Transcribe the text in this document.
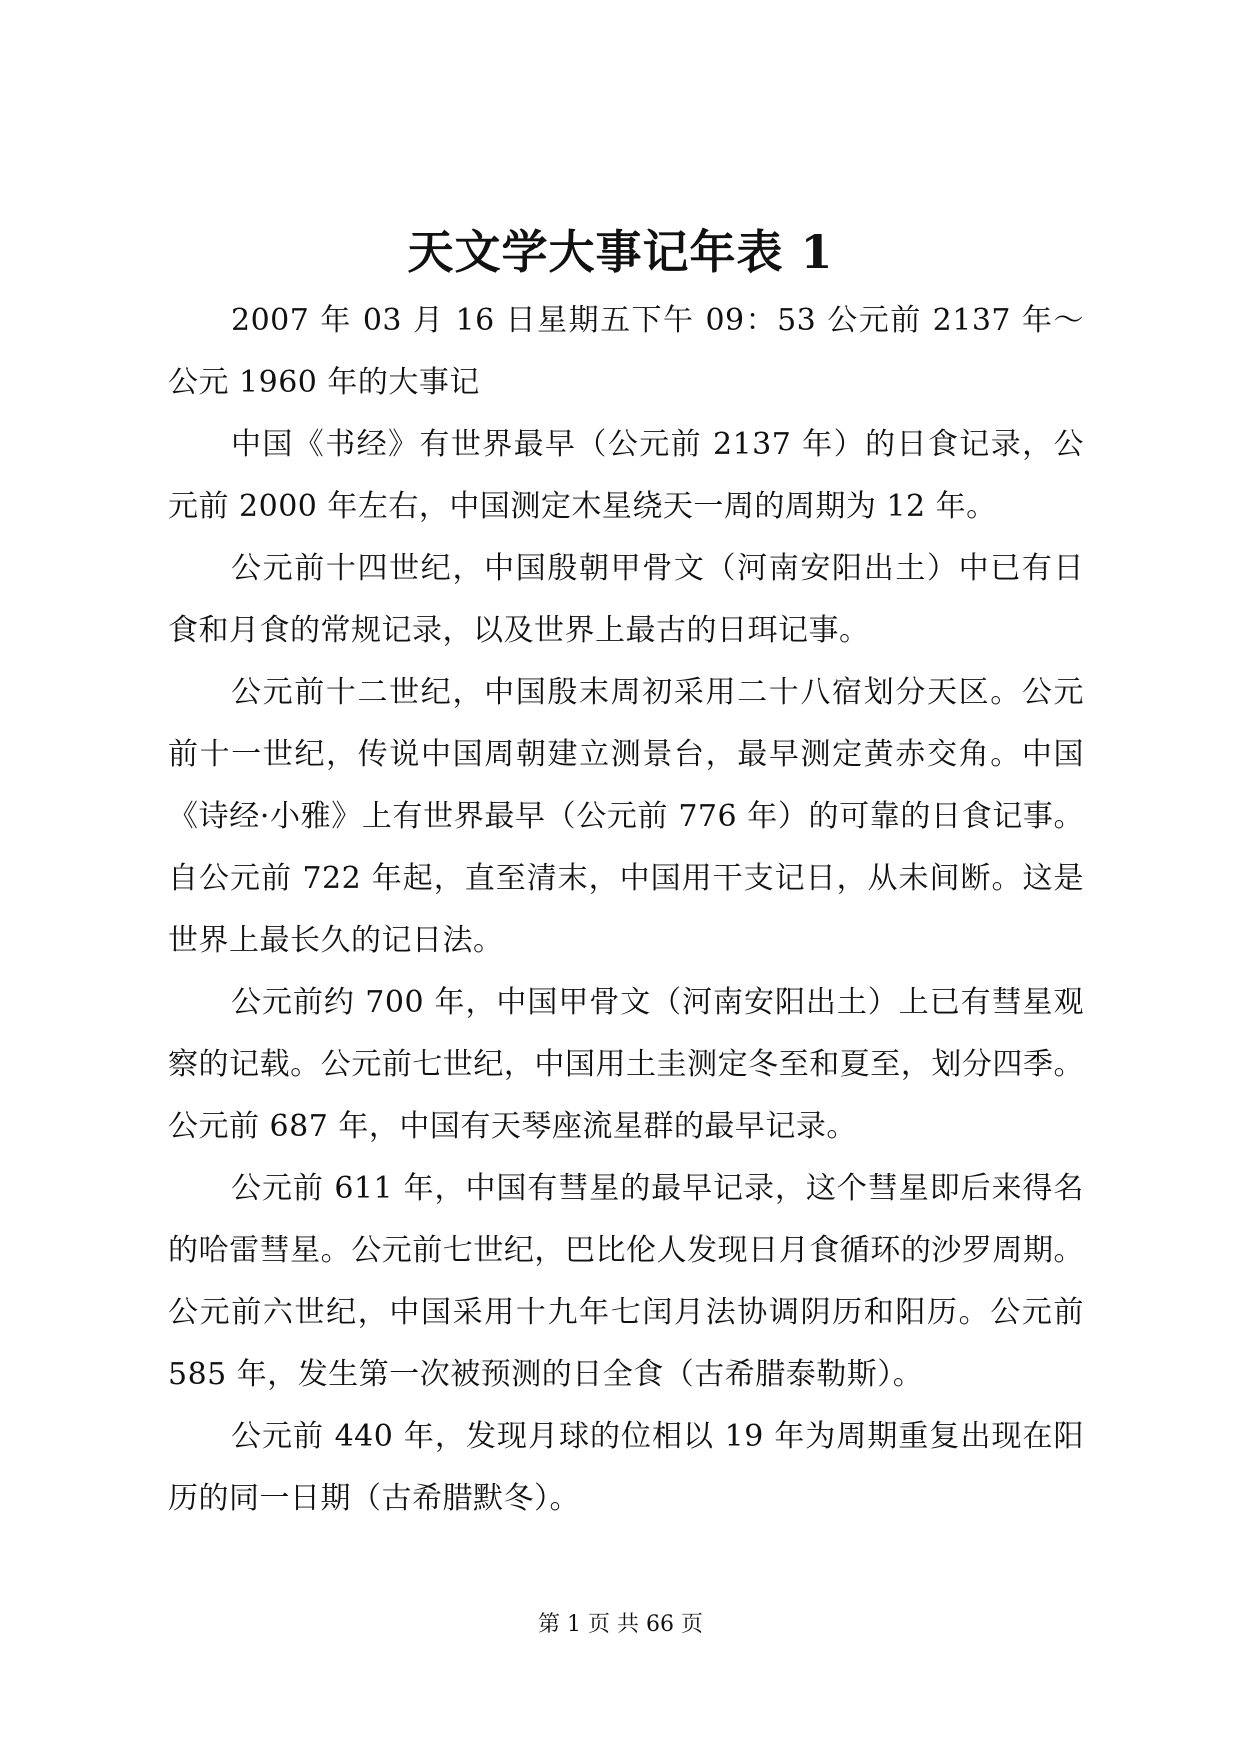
天文学大事记年表 1

2007 年 03 月 16 日星期五下午 09：53 公元前 2137 年～公元 1960 年的大事记

中国《书经》有世界最早（公元前 2137 年）的日食记录，公元前 2000 年左右，中国测定木星绕天一周的周期为 12 年。

公元前十四世纪，中国殷朝甲骨文（河南安阳出土）中已有日食和月食的常规记录，以及世界上最古的日珥记事。

公元前十二世纪，中国殷末周初采用二十八宿划分天区。公元前十一世纪，传说中国周朝建立测景台，最早测定黄赤交角。中国《诗经·小雅》上有世界最早（公元前 776 年）的可靠的日食记事。自公元前 722 年起，直至清末，中国用干支记日，从未间断。这是世界上最长久的记日法。

公元前约 700 年，中国甲骨文（河南安阳出土）上已有彗星观察的记载。公元前七世纪，中国用土圭测定冬至和夏至，划分四季。公元前 687 年，中国有天琴座流星群的最早记录。

公元前 611 年，中国有彗星的最早记录，这个彗星即后来得名的哈雷彗星。公元前七世纪，巴比伦人发现日月食循环的沙罗周期。公元前六世纪，中国采用十九年七闰月法协调阴历和阳历。公元前 585 年，发生第一次被预测的日全食（古希腊泰勒斯）。

公元前 440 年，发现月球的位相以 19 年为周期重复出现在阳历的同一日期（古希腊默冬）。

第 1 页 共 66 页
